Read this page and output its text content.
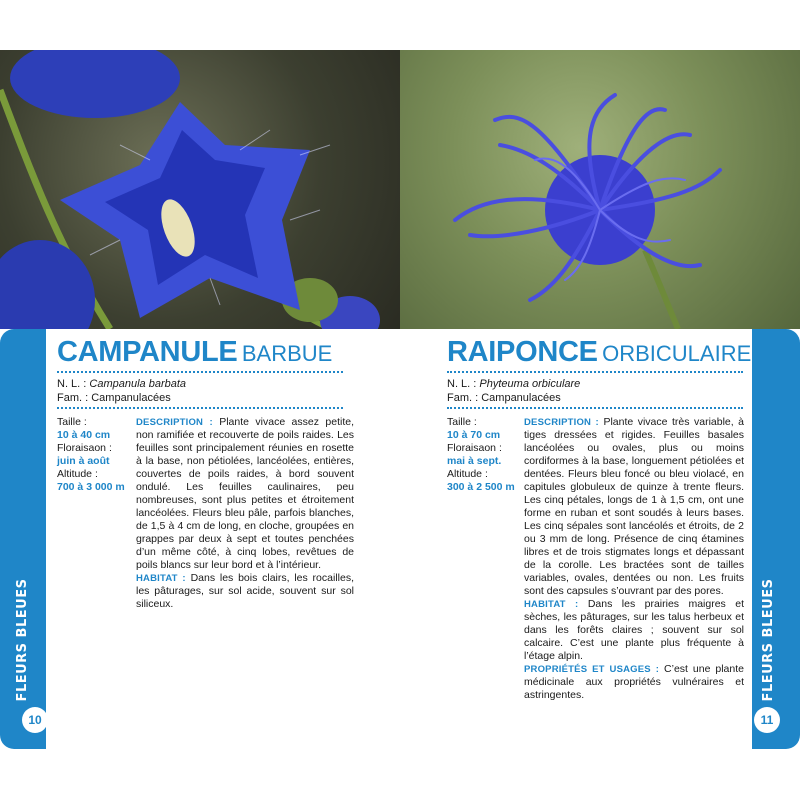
FLEURS BLEUES	FLEURS BLEUES
10	11
CAMPANULE BARBUE
N. L. : Campanula barbata
Fam. : Campanulacées
Taille :
10 à 40 cm
Floraisaon :
juin à août
Altitude :
700 à 3 000 m

DESCRIPTION : Plante vivace assez petite, non ramifiée et recouverte de poils raides. Les feuilles sont principalement réunies en rosette à la base, non pétiolées, lancéolées, entières, couvertes de poils raides, à bord souvent ondulé. Les feuilles caulinaires, peu nombreuses, sont plus petites et étroitement lancéolées. Fleurs bleu pâle, parfois blanches, de 1,5 à 4 cm de long, en cloche, groupées en grappes par deux à sept et toutes penchées d’un même côté, à cinq lobes, revêtues de poils blancs sur leur bord et à l’intérieur.

HABITAT : Dans les bois clairs, les rocailles, les pâturages, sur sol acide, souvent sur sol siliceux.

RAIPONCE ORBICULAIRE
N. L. : Phyteuma orbiculare
Fam. : Campanulacées
Taille :
10 à 70 cm
Floraisaon :
mai à sept.
Altitude :
300 à 2 500 m

DESCRIPTION : Plante vivace très variable, à tiges dressées et rigides. Feuilles basales lancéolées ou ovales, plus ou moins cordiformes à la base, longuement pétiolées et dentées. Fleurs bleu foncé ou bleu violacé, en capitules globuleux de quinze à trente fleurs. Les cinq pétales, longs de 1 à 1,5 cm, ont une forme en ruban et sont soudés à leurs bases. Les cinq sépales sont lancéolés et étroits, de 2 ou 3 mm de long. Présence de cinq étamines libres et de trois stigmates longs et dépassant de la corolle. Les bractées sont de tailles variables, ovales, dentées ou non. Les fruits sont des capsules s’ouvrant par des pores.

HABITAT : Dans les prairies maigres et sèches, les pâturages, sur les talus herbeux et dans les forêts claires ; souvent sur sol calcaire. C’est une plante plus fréquente à l’étage alpin.

PROPRIÉTÉS ET USAGES : C’est une plante médicinale aux propriétés vulnéraires et astringentes.
